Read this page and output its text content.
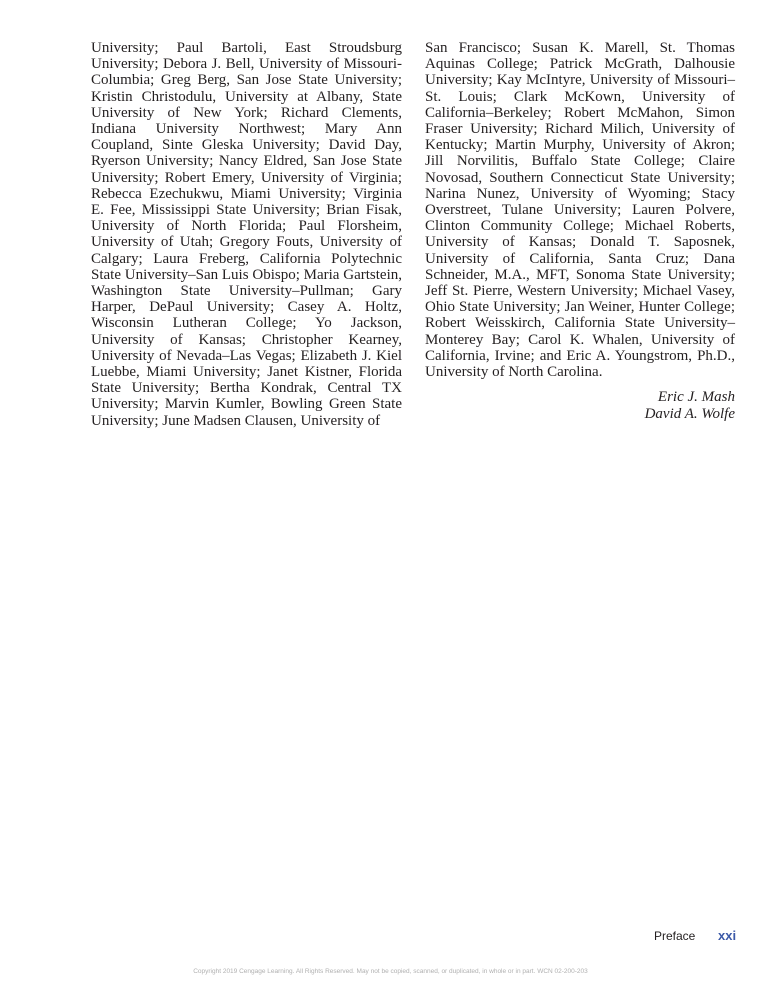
University; Paul Bartoli, East Stroudsburg University; Debora J. Bell, University of Missouri-Columbia; Greg Berg, San Jose State University; Kristin Christodulu, University at Albany, State University of New York; Richard Clements, Indiana University Northwest; Mary Ann Coupland, Sinte Gleska University; David Day, Ryerson University; Nancy Eldred, San Jose State University; Robert Emery, University of Virginia; Rebecca Ezechukwu, Miami University; Virginia E. Fee, Mississippi State University; Brian Fisak, University of North Florida; Paul Florsheim, University of Utah; Gregory Fouts, University of Calgary; Laura Freberg, California Polytechnic State University–San Luis Obispo; Maria Gartstein, Washington State University–Pullman; Gary Harper, DePaul University; Casey A. Holtz, Wisconsin Lutheran College; Yo Jackson, University of Kansas; Christopher Kearney, University of Nevada–Las Vegas; Elizabeth J. Kiel Luebbe, Miami University; Janet Kistner, Florida State University; Bertha Kondrak, Central TX University; Marvin Kumler, Bowling Green State University; June Madsen Clausen, University of

San Francisco; Susan K. Marell, St. Thomas Aquinas College; Patrick McGrath, Dalhousie University; Kay McIntyre, University of Missouri–St. Louis; Clark McKown, University of California–Berkeley; Robert McMahon, Simon Fraser University; Richard Milich, University of Kentucky; Martin Murphy, University of Akron; Jill Norvilitis, Buffalo State College; Claire Novosad, Southern Connecticut State University; Narina Nunez, University of Wyoming; Stacy Overstreet, Tulane University; Lauren Polvere, Clinton Community College; Michael Roberts, University of Kansas; Donald T. Saposnek, University of California, Santa Cruz; Dana Schneider, M.A., MFT, Sonoma State University; Jeff St. Pierre, Western University; Michael Vasey, Ohio State University; Jan Weiner, Hunter College; Robert Weisskirch, California State University–Monterey Bay; Carol K. Whalen, University of California, Irvine; and Eric A. Youngstrom, Ph.D., University of North Carolina.

Eric J. Mash
David A. Wolfe
Preface xxi
Copyright 2019 Cengage Learning. All Rights Reserved. May not be copied, scanned, or duplicated, in whole or in part. WCN 02-200-203
